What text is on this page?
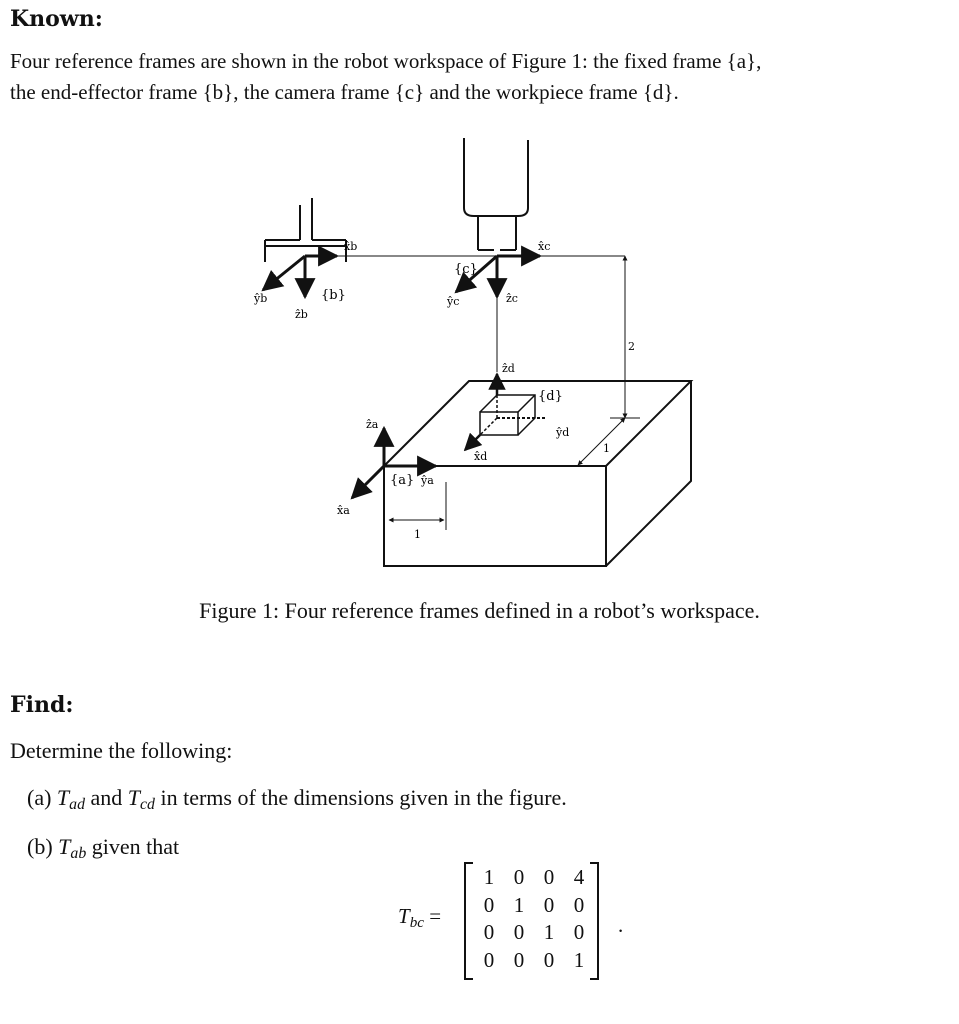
Known:
Four reference frames are shown in the robot workspace of Figure 1: the fixed frame {a},
the end-effector frame {b}, the camera frame {c} and the workpiece frame {d}.
x̂b
ŷb
ẑb
{b}
x̂c
ŷc	ẑc
{c}
2
1
ẑd
ŷd
x̂d
{d}
ẑa
ŷa
x̂a
{a}
1
Figure 1: Four reference frames defined in a robot’s workspace.
Find:
Determine the following:
(a) $T_{ad}$ and $T_{cd}$ in terms of the dimensions given in the figure.
(b) $T_{ab}$ given that
$T_{bc}$ =
1 0 0 4
0 1 0 0
0 0 1 0
0 0 0 1
.
